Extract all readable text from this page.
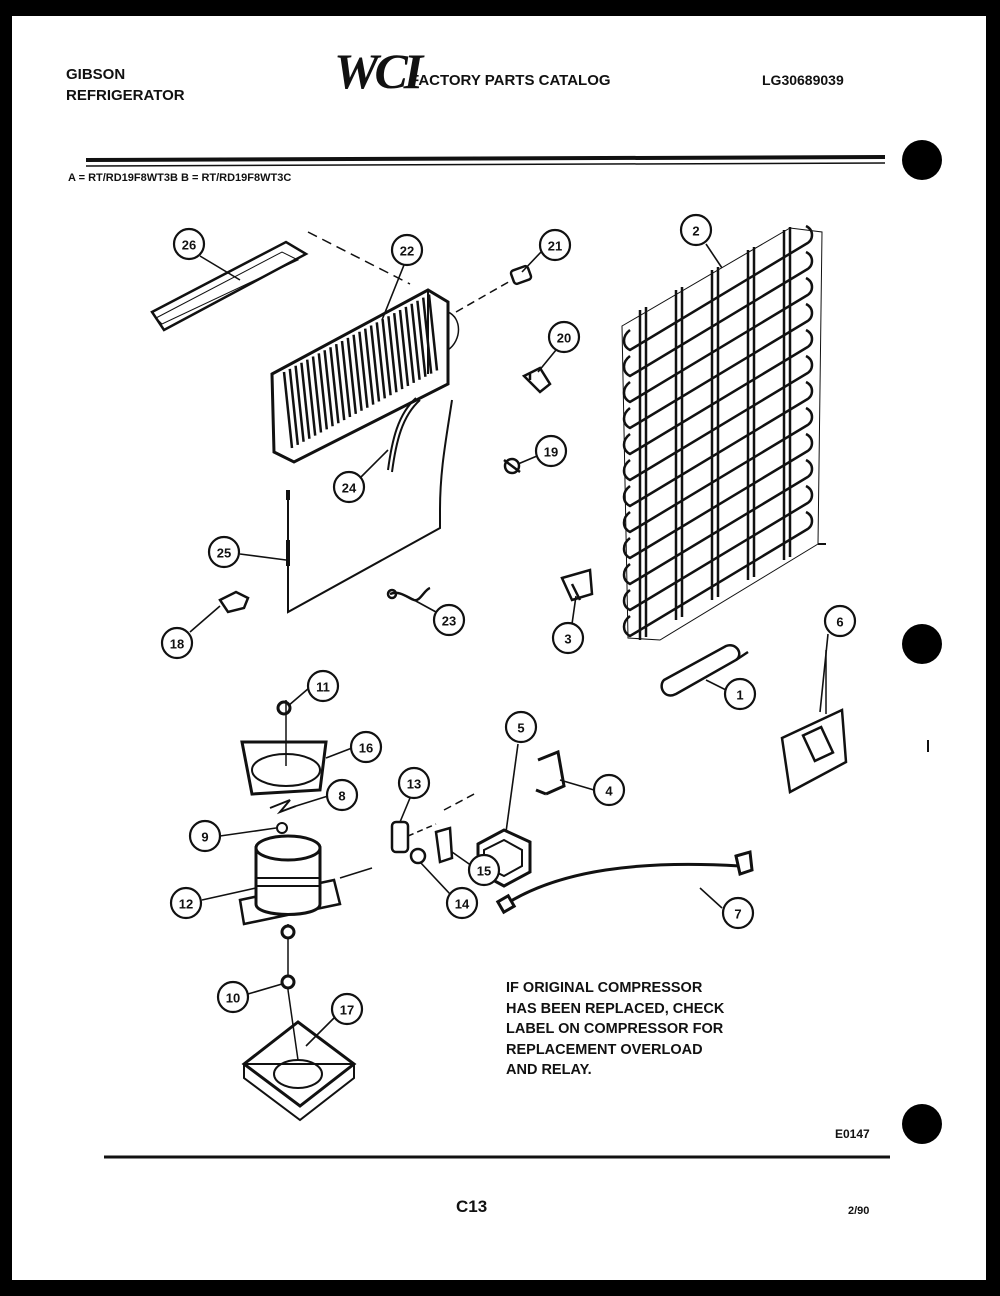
GIBSON
REFRIGERATOR	WCI
FACTORY PARTS CATALOG	LG30689039
A = RT/RD19F8WT3B B = RT/RD19F8WT3C
26	22	21
2
20
19
24
25
18
23
3
6
1
11
16
5
13	4
8
9
15
12	14
7
10
17
IF ORIGINAL COMPRESSOR
HAS BEEN REPLACED, CHECK
LABEL ON COMPRESSOR FOR
REPLACEMENT OVERLOAD
AND RELAY.
E0147
C13	2/90
